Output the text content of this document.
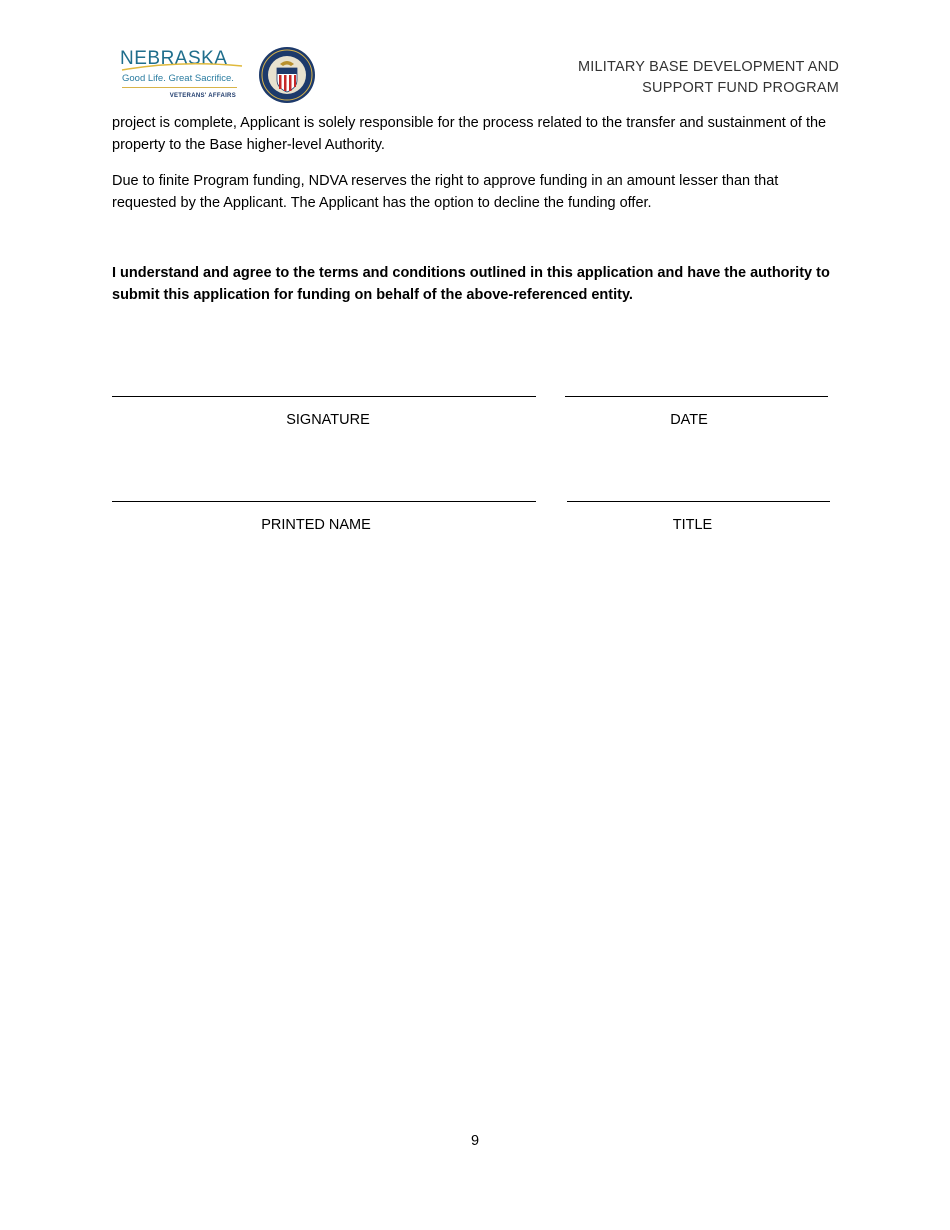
NEBRASKA
Good Life. Great Sacrifice.
VETERANS' AFFAIRS
MILITARY BASE DEVELOPMENT AND
SUPPORT FUND PROGRAM

project is complete, Applicant is solely responsible for the process related to the transfer and sustainment of the property to the Base higher-level Authority.

Due to finite Program funding, NDVA reserves the right to approve funding in an amount lesser than that requested by the Applicant. The Applicant has the option to decline the funding offer.

I understand and agree to the terms and conditions outlined in this application and have the authority to submit this application for funding on behalf of the above-referenced entity.

SIGNATURE	DATE
PRINTED NAME	TITLE
9
